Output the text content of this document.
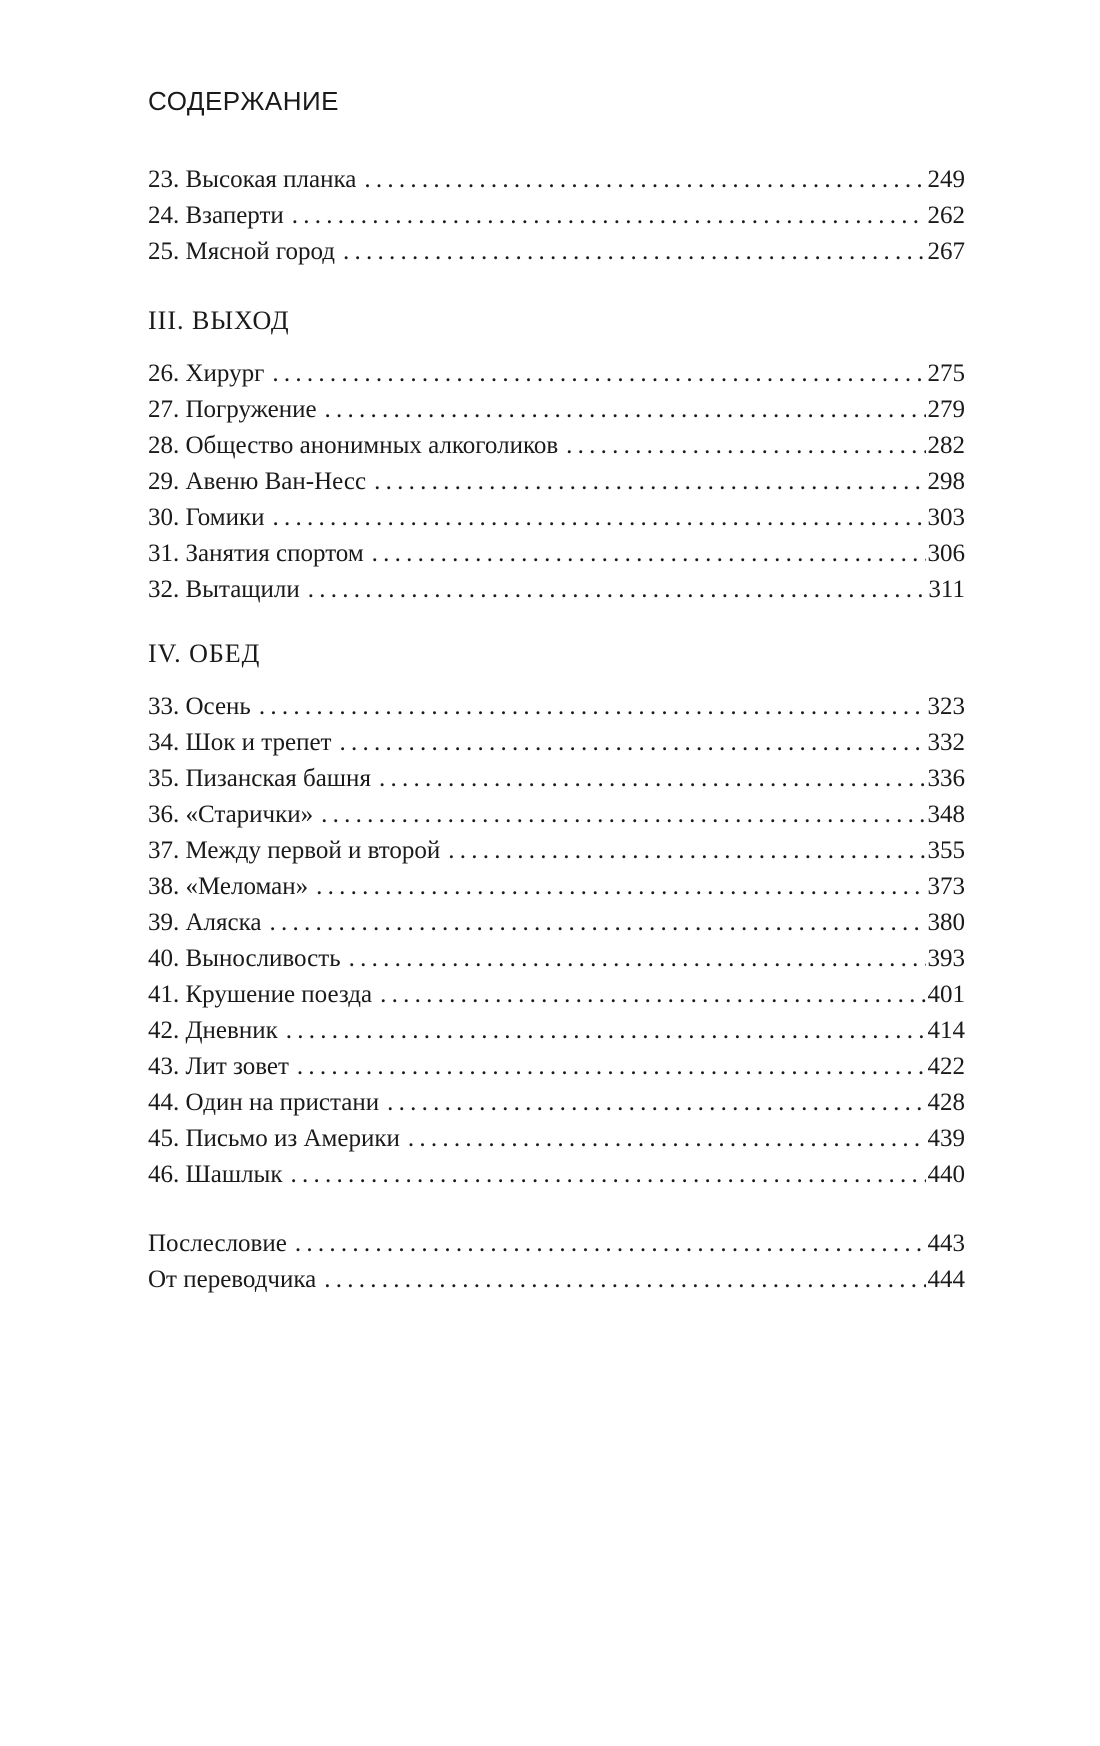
СОДЕРЖАНИЕ
23. Высокая планка . . .	249
24. Взаперти . . .	262
25. Мясной город . . .	267
III. ВЫХОД
26. Хирург . . .	275
27. Погружение . . .	279
28. Общество анонимных алкоголиков . . .	282
29. Авеню Ван-Несс . . .	298
30. Гомики . . .	303
31. Занятия спортом . . .	306
32. Вытащили . . .	311
IV. ОБЕД
33. Осень . . .	323
34. Шок и трепет . . .	332
35. Пизанская башня . . .	336
36. «Старички» . . .	348
37. Между первой и второй . . .	355
38. «Меломан» . . .	373
39. Аляска . . .	380
40. Выносливость . . .	393
41. Крушение поезда . . .	401
42. Дневник . . .	414
43. Лит зовет . . .	422
44. Один на пристани . . .	428
45. Письмо из Америки . . .	439
46. Шашлык . . .	440
Послесловие . . .	443
От переводчика . . .	444
